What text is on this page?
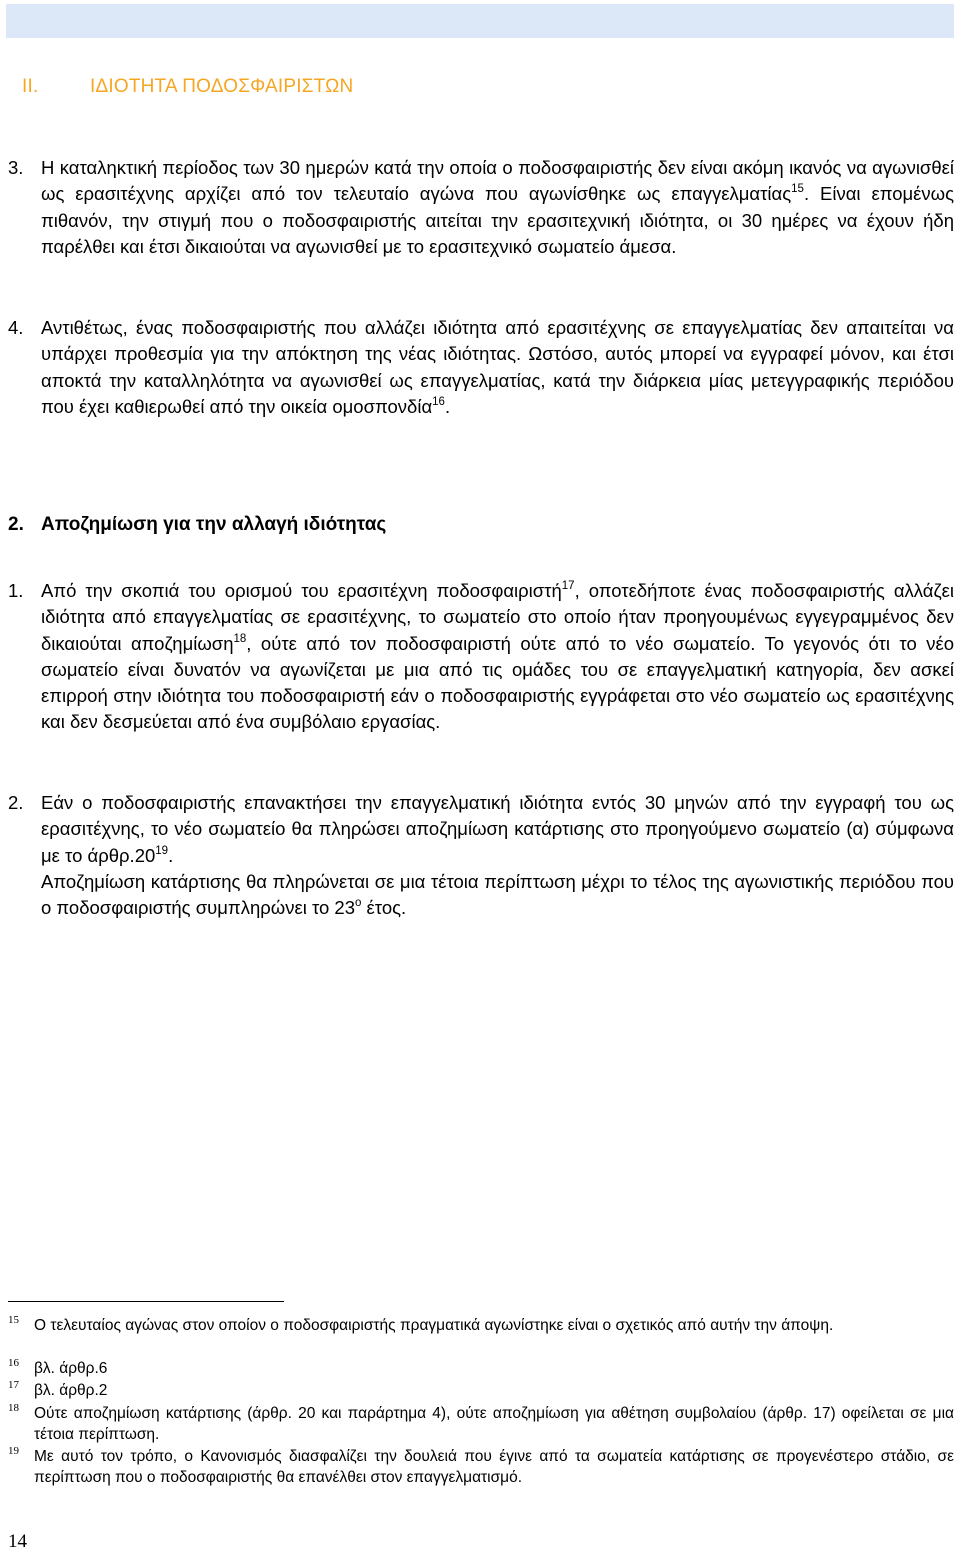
II.	ΙΔΙΟΤΗΤΑ ΠΟΔΟΣΦΑΙΡΙΣΤΩΝ
3. Η καταληκτική περίοδος των 30 ημερών κατά την οποία ο ποδοσφαιριστής δεν είναι ακόμη ικανός να αγωνισθεί ως ερασιτέχνης αρχίζει από τον τελευταίο αγώνα που αγωνίσθηκε ως επαγγελματίας$^{15}$. Είναι επομένως πιθανόν, την στιγμή που ο ποδοσφαιριστής αιτείται την ερασιτεχνική ιδιότητα, οι 30 ημέρες να έχουν ήδη παρέλθει και έτσι δικαιούται να αγωνισθεί με το ερασιτεχνικό σωματείο άμεσα.
4. Αντιθέτως, ένας ποδοσφαιριστής που αλλάζει ιδιότητα από ερασιτέχνης σε επαγγελματίας δεν απαιτείται να υπάρχει προθεσμία για την απόκτηση της νέας ιδιότητας. Ωστόσο, αυτός μπορεί να εγγραφεί μόνον, και έτσι αποκτά την καταλληλότητα να αγωνισθεί ως επαγγελματίας, κατά την διάρκεια μίας μετεγγραφικής περιόδου που έχει καθιερωθεί από την οικεία ομοσπονδία$^{16}$.
2. Αποζημίωση για την αλλαγή ιδιότητας
1. Από την σκοπιά του ορισμού του ερασιτέχνη ποδοσφαιριστή$^{17}$, οποτεδήποτε ένας ποδοσφαιριστής αλλάζει ιδιότητα από επαγγελματίας σε ερασιτέχνης, το σωματείο στο οποίο ήταν προηγουμένως εγγεγραμμένος δεν δικαιούται αποζημίωση$^{18}$, ούτε από τον ποδοσφαιριστή ούτε από το νέο σωματείο. Το γεγονός ότι το νέο σωματείο είναι δυνατόν να αγωνίζεται με μια από τις ομάδες του σε επαγγελματική κατηγορία, δεν ασκεί επιρροή στην ιδιότητα του ποδοσφαιριστή εάν ο ποδοσφαιριστής εγγράφεται στο νέο σωματείο ως ερασιτέχνης και δεν δεσμεύεται από ένα συμβόλαιο εργασίας.
2. Εάν ο ποδοσφαιριστής επανακτήσει την επαγγελματική ιδιότητα εντός 30 μηνών από την εγγραφή του ως ερασιτέχνης, το νέο σωματείο θα πληρώσει αποζημίωση κατάρτισης στο προηγούμενο σωματείο (α) σύμφωνα με το $ά\rho\theta\rho.20^{19}$.
Αποζημίωση κατάρτισης θα πληρώνεται σε μια τέτοια περίπτωση μέχρι το τέλος της αγωνιστικής περιόδου που ο ποδοσφαιριστής συμπληρώνει το $23^o$ έτος.
15 Ο τελευταίος αγώνας στον οποίον ο ποδοσφαιριστής πραγματικά αγωνίστηκε είναι ο σχετικός από αυτήν την άποψη.
16 βλ. άρθρ.6
17 βλ. άρθρ.2
18 Ούτε αποζημίωση κατάρτισης (άρθρ. 20 και παράρτημα 4), ούτε αποζημίωση για αθέτηση συμβολαίου (άρθρ. 17) οφείλεται σε μια τέτοια περίπτωση.
19 Με αυτό τον τρόπο, ο Κανονισμός διασφαλίζει την δουλειά που έγινε από τα σωματεία κατάρτισης σε προγενέστερο στάδιο, σε περίπτωση που ο ποδοσφαιριστής θα επανέλθει στον επαγγελματισμό.
14
